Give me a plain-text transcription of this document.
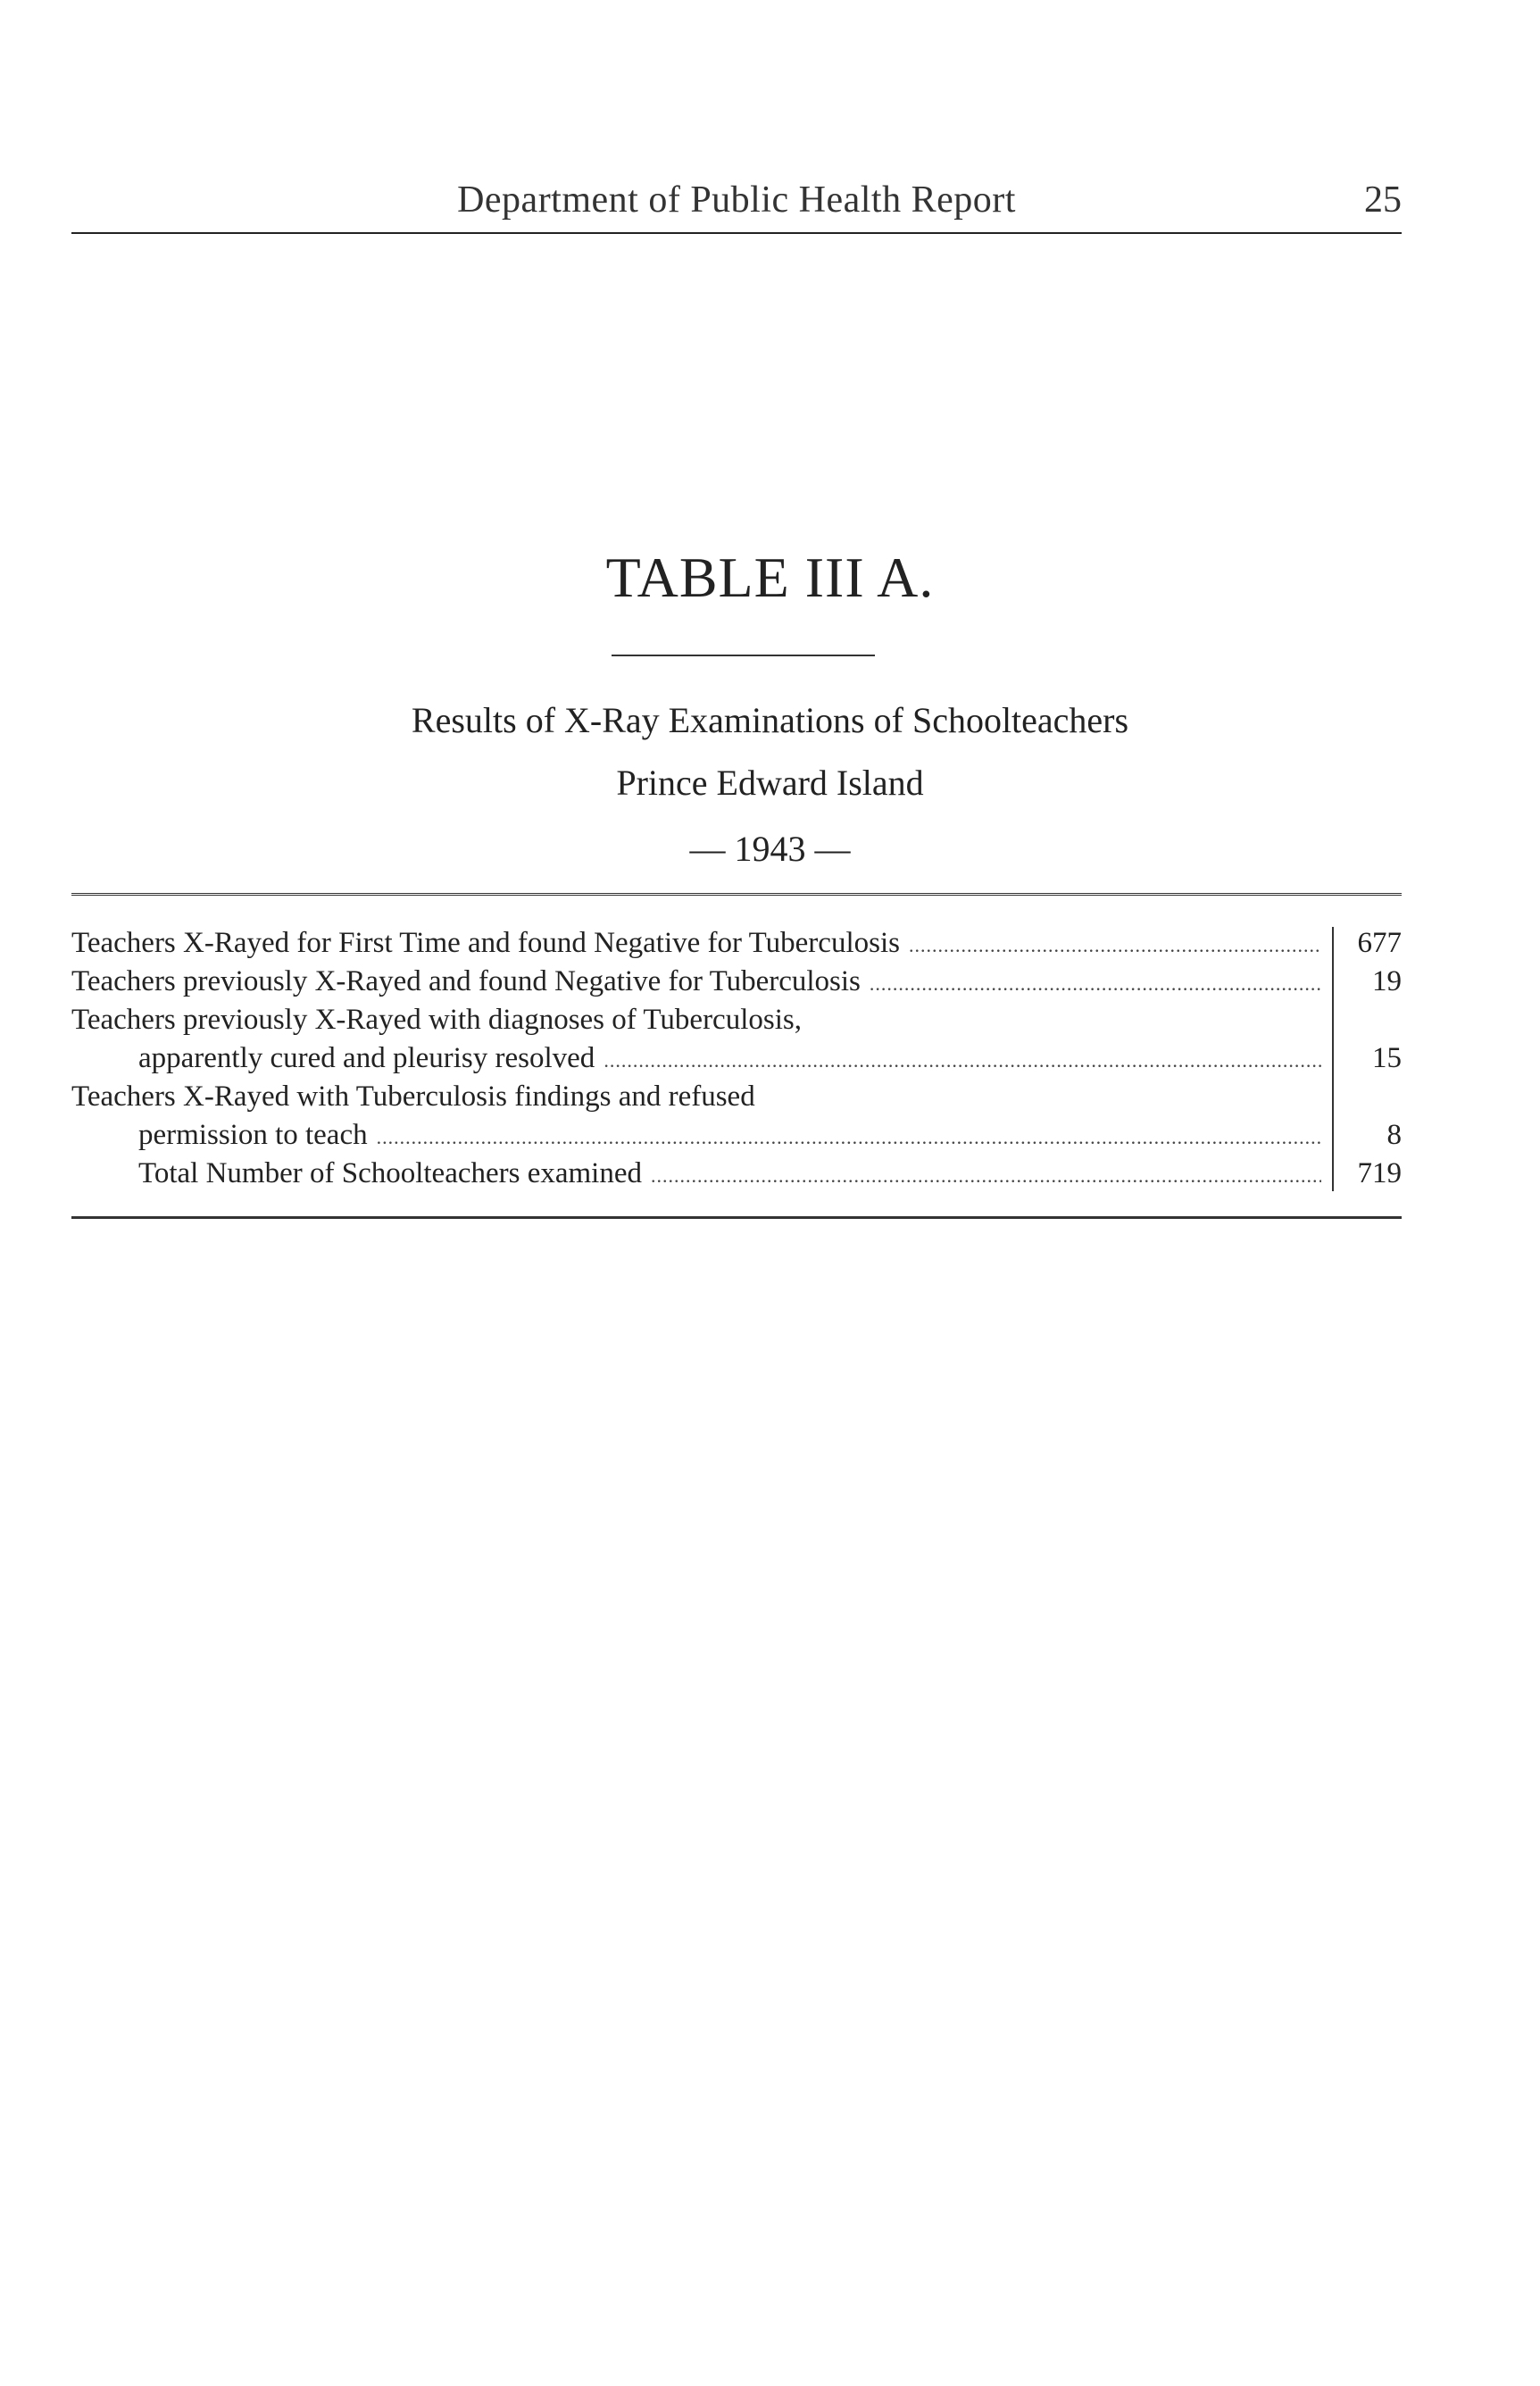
Department of Public Health Report	25
TABLE III A.
Results of X-Ray Examinations of Schoolteachers
Prince Edward Island
— 1943 —
Teachers X-Rayed for First Time and found Negative for Tuberculosis .....	677
Teachers previously X-Rayed and found Negative for Tuberculosis .....	19
Teachers previously X-Rayed with diagnoses of Tuberculosis,
apparently cured and pleurisy resolved .....	15
Teachers X-Rayed with Tuberculosis findings and refused
permission to teach .....	8
Total Number of Schoolteachers examined .....	719
